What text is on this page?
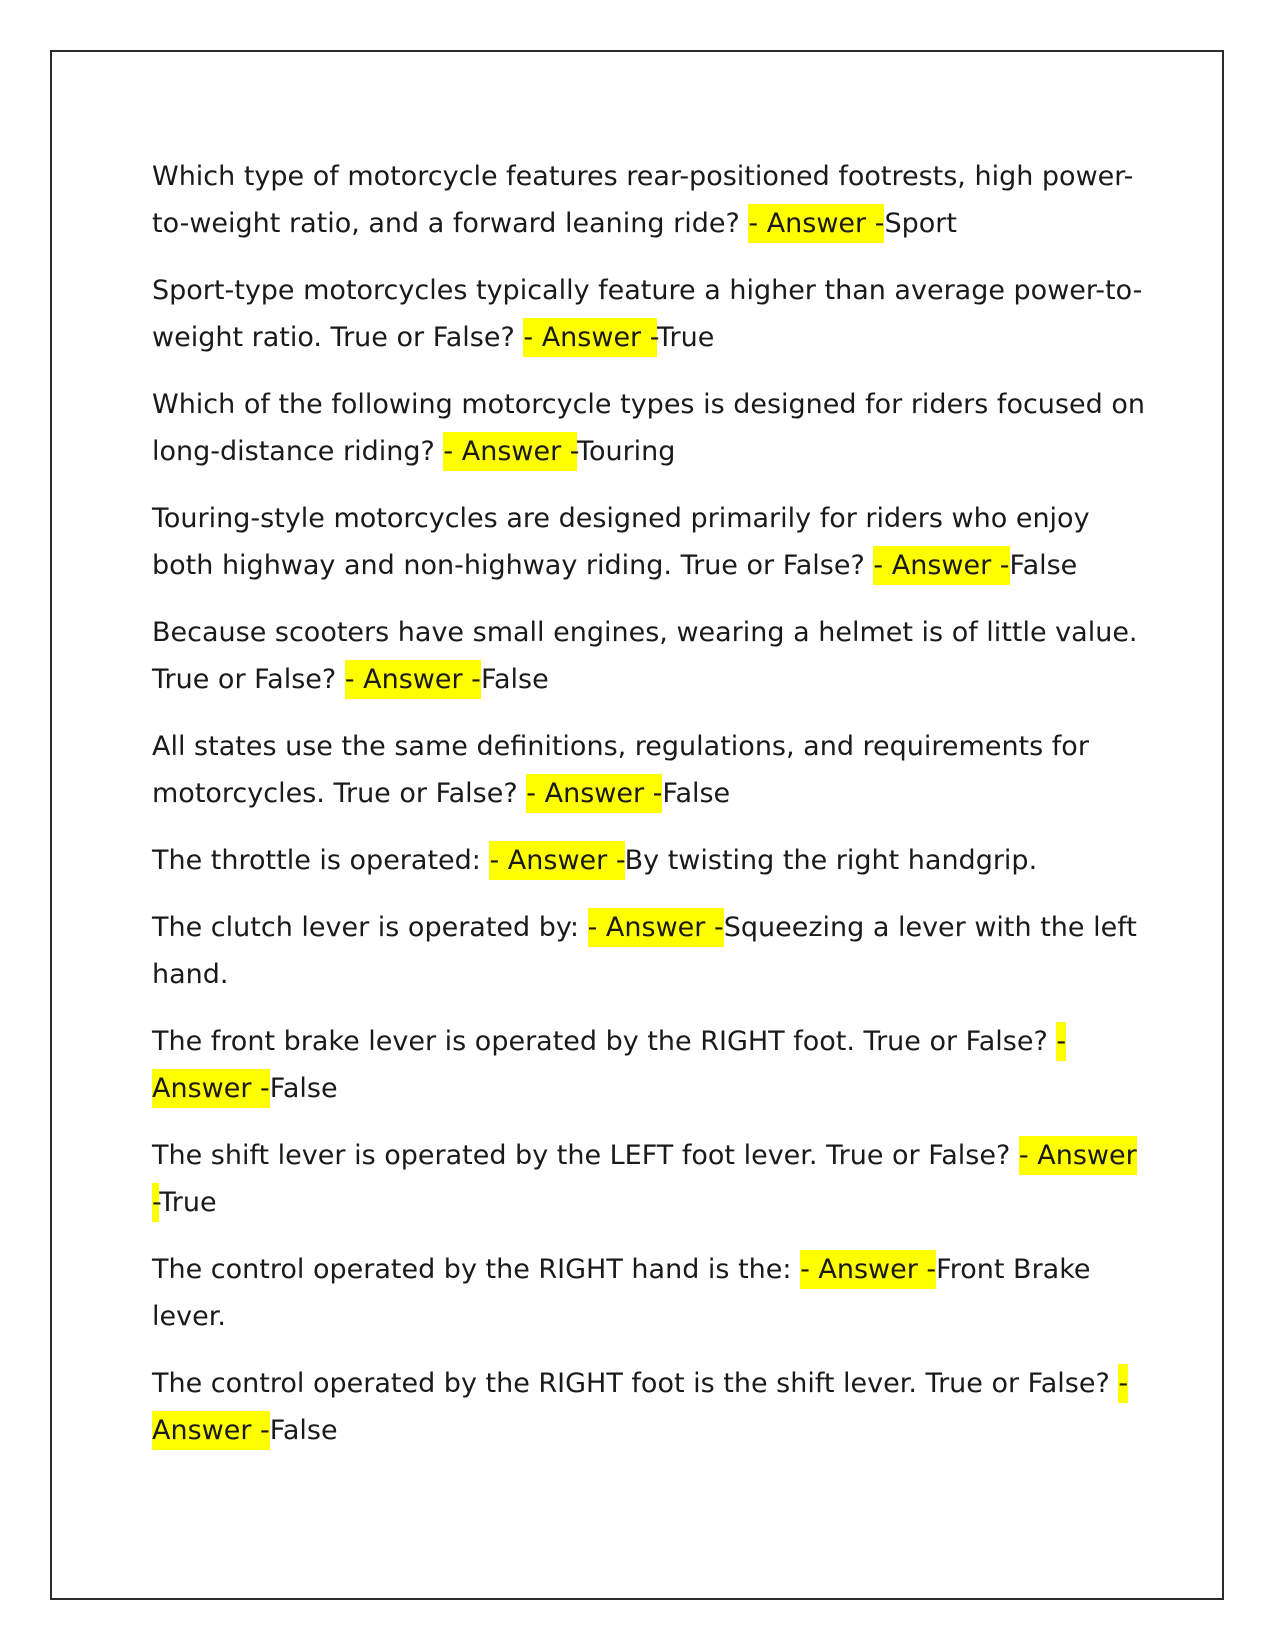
Which type of motorcycle features rear-positioned footrests, high power-to-weight ratio, and a forward leaning ride? - Answer -Sport

Sport-type motorcycles typically feature a higher than average power-to-weight ratio. True or False? - Answer -True

Which of the following motorcycle types is designed for riders focused on long-distance riding? - Answer -Touring

Touring-style motorcycles are designed primarily for riders who enjoy both highway and non-highway riding. True or False? - Answer -False

Because scooters have small engines, wearing a helmet is of little value. True or False? - Answer -False

All states use the same definitions, regulations, and requirements for motorcycles. True or False? - Answer -False

The throttle is operated: - Answer -By twisting the right handgrip.

The clutch lever is operated by: - Answer -Squeezing a lever with the left hand.

The front brake lever is operated by the RIGHT foot. True or False? - Answer -False

The shift lever is operated by the LEFT foot lever. True or False? - Answer -True

The control operated by the RIGHT hand is the: - Answer -Front Brake lever.

The control operated by the RIGHT foot is the shift lever. True or False? - Answer -False
